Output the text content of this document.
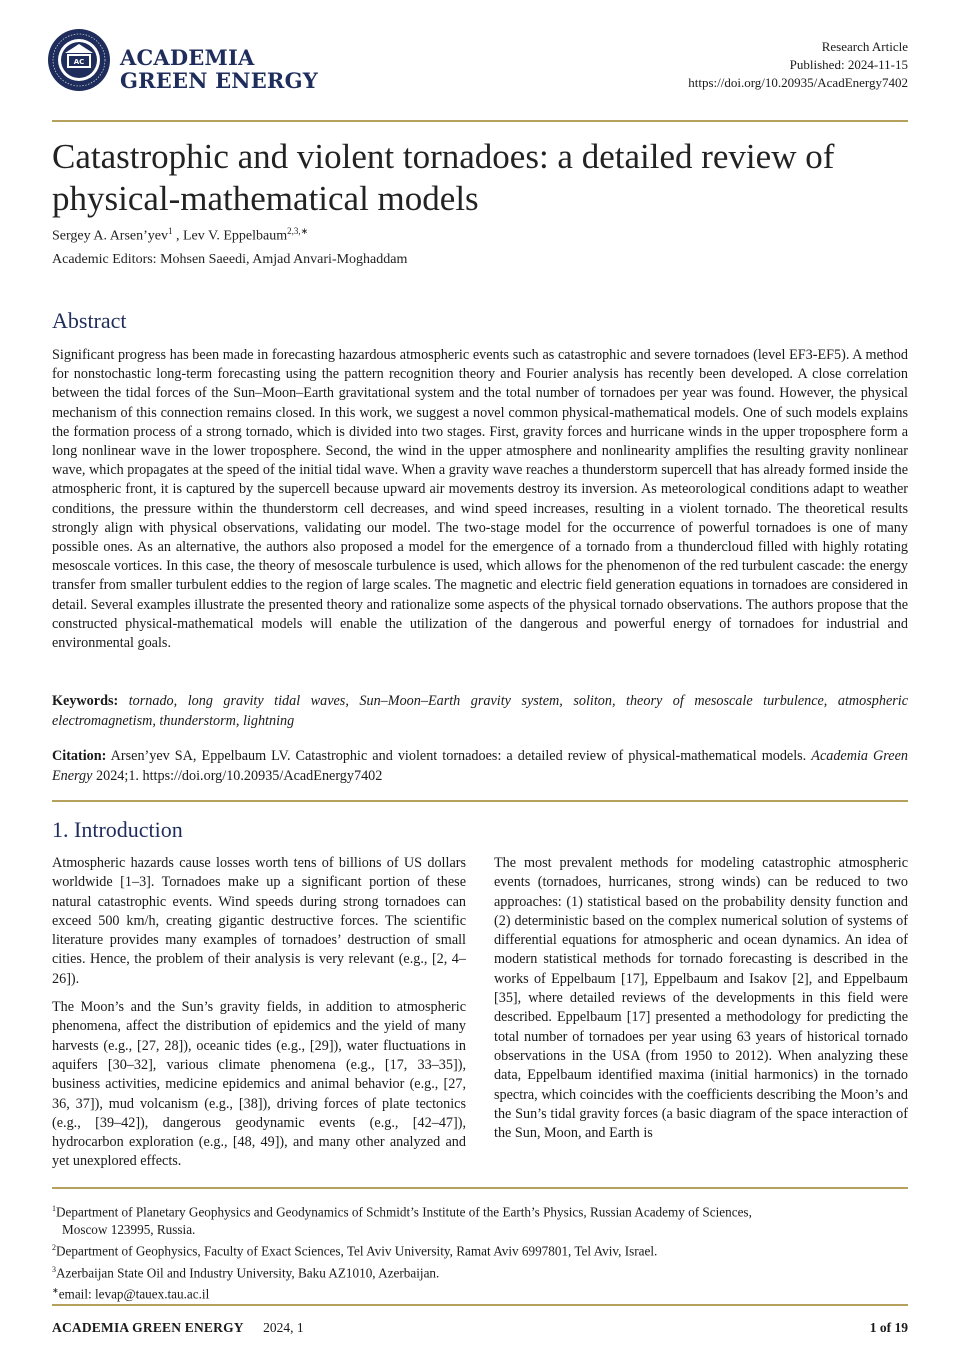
AC ACADEMIA
GREEN ENERGY
Research Article
Published: 2024-11-15
https://doi.org/10.20935/AcadEnergy7402
Catastrophic and violent tornadoes: a detailed review of physical-mathematical models
Sergey A. Arsen’yev$^1$ , Lev V. Eppelbaum$^{2,3,∗}$
Academic Editors: Mohsen Saeedi, Amjad Anvari-Moghaddam
Abstract
Significant progress has been made in forecasting hazardous atmospheric events such as catastrophic and severe tornadoes (level EF3-EF5). A method for nonstochastic long-term forecasting using the pattern recognition theory and Fourier analysis has recently been developed. A close correlation between the tidal forces of the Sun–Moon–Earth gravitational system and the total number of tornadoes per year was found. However, the physical mechanism of this connection remains closed. In this work, we suggest a novel common physical-mathematical models. One of such models explains the formation process of a strong tornado, which is divided into two stages. First, gravity forces and hurricane winds in the upper troposphere form a long nonlinear wave in the lower troposphere. Second, the wind in the upper atmosphere and nonlinearity amplifies the resulting gravity nonlinear wave, which propagates at the speed of the initial tidal wave. When a gravity wave reaches a thunderstorm supercell that has already formed inside the atmospheric front, it is captured by the supercell because upward air movements destroy its inversion. As meteorological conditions adapt to weather conditions, the pressure within the thunderstorm cell decreases, and wind speed increases, resulting in a violent tornado. The theoretical results strongly align with physical observations, validating our model. The two-stage model for the occurrence of powerful tornadoes is one of many possible ones. As an alternative, the authors also proposed a model for the emergence of a tornado from a thundercloud filled with highly rotating mesoscale vortices. In this case, the theory of mesoscale turbulence is used, which allows for the phenomenon of the red turbulent cascade: the energy transfer from smaller turbulent eddies to the region of large scales. The magnetic and electric field generation equations in tornadoes are considered in detail. Several examples illustrate the presented theory and rationalize some aspects of the physical tornado observations. The authors propose that the constructed physical-mathematical models will enable the utilization of the dangerous and powerful energy of tornadoes for industrial and environmental goals.
Keywords: tornado, long gravity tidal waves, Sun–Moon–Earth gravity system, soliton, theory of mesoscale turbulence, atmospheric electromagnetism, thunderstorm, lightning
Citation: Arsen’yev SA, Eppelbaum LV. Catastrophic and violent tornadoes: a detailed review of physical-mathematical models. Academia Green Energy 2024;1. https://doi.org/10.20935/AcadEnergy7402
1. Introduction

Atmospheric hazards cause losses worth tens of billions of US dollars worldwide [1–3]. Tornadoes make up a significant portion of these natural catastrophic events. Wind speeds during strong tornadoes can exceed 500 km/h, creating gigantic destructive forces. The scientific literature provides many examples of tornadoes’ destruction of small cities. Hence, the problem of their analysis is very relevant (e.g., [2, 4–26]).

The Moon’s and the Sun’s gravity fields, in addition to atmospheric phenomena, affect the distribution of epidemics and the yield of many harvests (e.g., [27, 28]), oceanic tides (e.g., [29]), water fluctuations in aquifers [30–32], various climate phenomena (e.g., [17, 33–35]), business activities, medicine epidemics and animal behavior (e.g., [27, 36, 37]), mud volcanism (e.g., [38]), driving forces of plate tectonics (e.g., [39–42]), dangerous geodynamic events (e.g., [42–47]), hydrocarbon exploration (e.g., [48, 49]), and many other analyzed and yet unexplored effects.

The most prevalent methods for modeling catastrophic atmospheric events (tornadoes, hurricanes, strong winds) can be reduced to two approaches: (1) statistical based on the probability density function and (2) deterministic based on the complex numerical solution of systems of differential equations for atmospheric and ocean dynamics. An idea of modern statistical methods for tornado forecasting is described in the works of Eppelbaum [17], Eppelbaum and Isakov [2], and Eppelbaum [35], where detailed reviews of the developments in this field were described. Eppelbaum [17] presented a methodology for predicting the total number of tornadoes per year using 63 years of historical tornado observations in the USA (from 1950 to 2012). When analyzing these data, Eppelbaum identified maxima (initial harmonics) in the tornado spectra, which coincides with the coefficients describing the Moon’s and the Sun’s tidal gravity forces (a basic diagram of the space interaction of the Sun, Moon, and Earth is

$^1$Department of Planetary Geophysics and Geodynamics of Schmidt’s Institute of the Earth’s Physics, Russian Academy of Sciences,
Moscow 123995, Russia.
$^2$Department of Geophysics, Faculty of Exact Sciences, Tel Aviv University, Ramat Aviv 6997801, Tel Aviv, Israel.
$^3$Azerbaijan State Oil and Industry University, Baku AZ1010, Azerbaijan.
∗email: levap@tauex.tau.ac.il
ACADEMIA GREEN ENERGY 2024, 1	1 of 19
